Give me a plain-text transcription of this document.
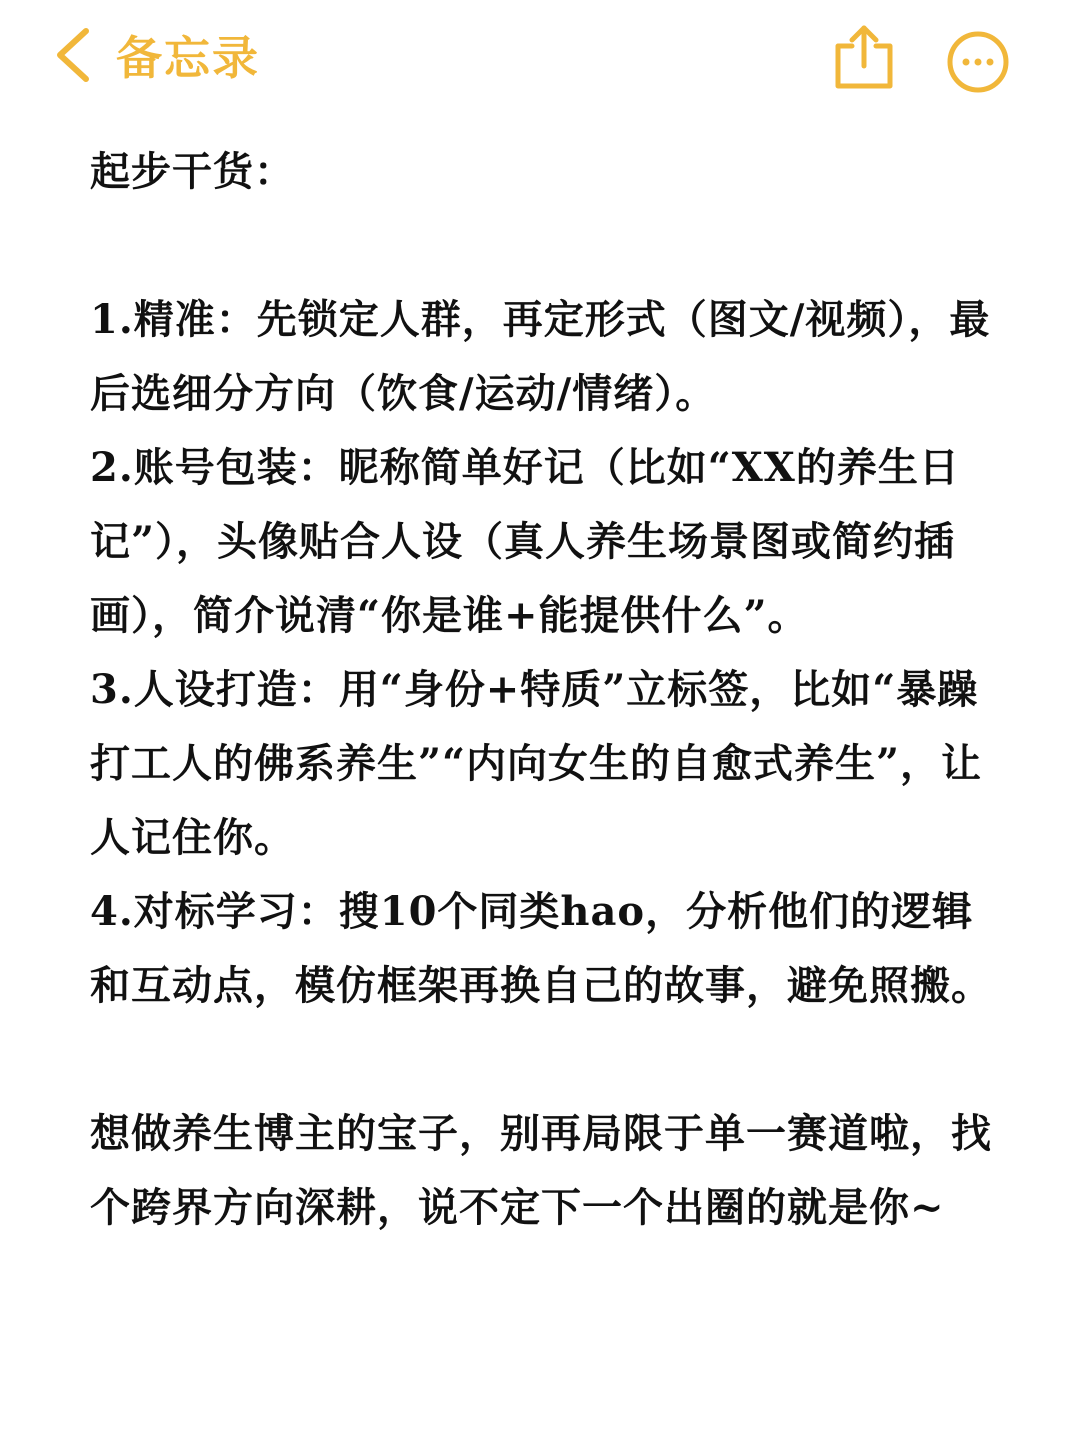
备忘录

起步干货：

1.精准：先锁定人群，再定形式（图文/视频），最后选细分方向（饮食/运动/情绪）。

2.账号包装：昵称简单好记（比如“XX的养生日记”），头像贴合人设（真人养生场景图或简约插画），简介说清“你是谁+能提供什么”。

3.人设打造：用“身份+特质”立标签，比如“暴躁打工人的佛系养生”“内向女生的自愈式养生”，让人记住你。

4.对标学习：搜10个同类hao，分析他们的逻辑和互动点，模仿框架再换自己的故事，避免照搬。

想做养生博主的宝子，别再局限于单一赛道啦，找个跨界方向深耕，说不定下一个出圈的就是你~
